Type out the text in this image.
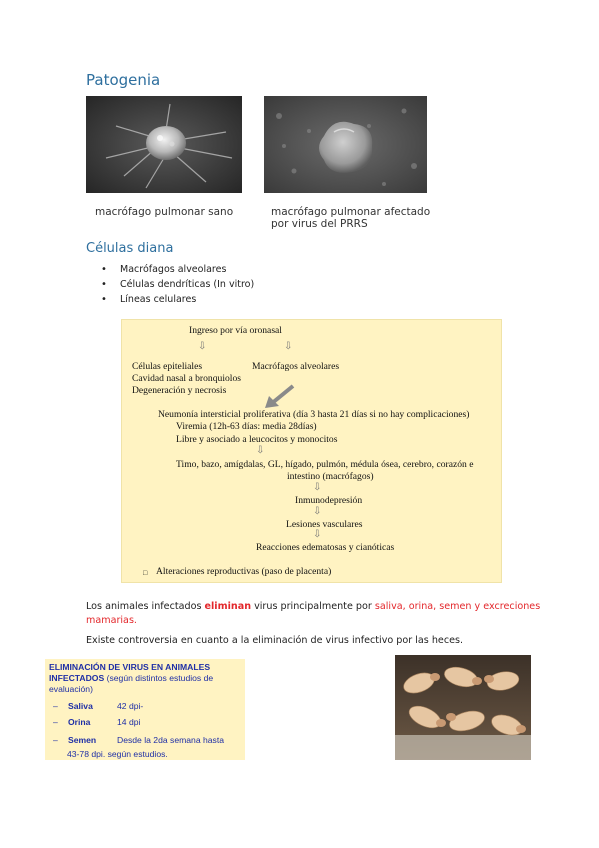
Patogenia
macrófago pulmonar sano	macrófago pulmonar afectado
por virus del PRRS
Células diana
• Macrófagos alveolares
• Células dendríticas (In vitro)
• Líneas celulares
Ingreso por vía oronasal
⇩	⇩
Células epiteliales	Macrófagos alveolares
Cavidad nasal a bronquiolos
Degeneración y necrosis
Neumonía intersticial proliferativa (día 3 hasta 21 días si no hay complicaciones)
Viremia (12h-63 días: media 28días)
Libre y asociado a leucocitos y monocitos
⇩
Timo, bazo, amígdalas, GL, hígado, pulmón, médula ósea, cerebro, corazón e
intestino (macrófagos)
⇩
Inmunodepresión
⇩
Lesiones vasculares
⇩
Reacciones edematosas y cianóticas
□ Alteraciones reproductivas (paso de placenta)
Los animales infectados eliminan virus principalmente por saliva, orina, semen y excreciones
mamarias.
Existe controversia en cuanto a la eliminación de virus infectivo por las heces.
ELIMINACIÓN DE VIRUS EN ANIMALES
INFECTADOS (según distintos estudios de
evaluación)
– Saliva	42 dpi-
– Orina	14 dpi
– Semen Desde la 2da semana hasta
43-78 dpi. según estudios.
